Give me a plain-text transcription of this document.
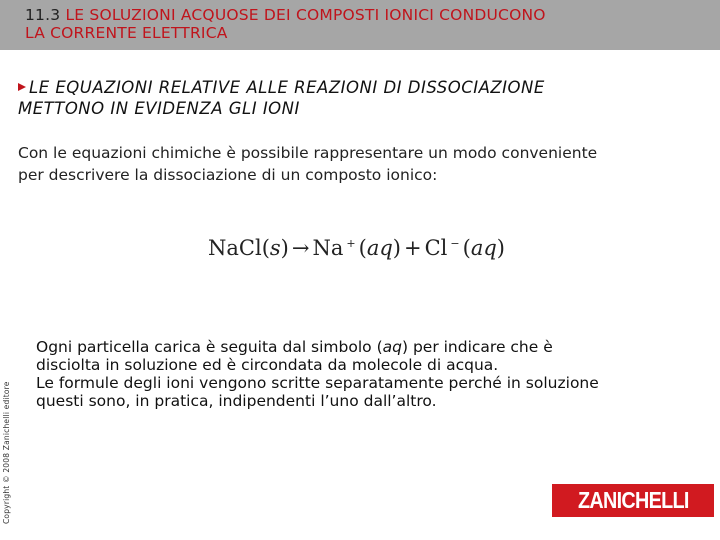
11.3 LE SOLUZIONI ACQUOSE DEI COMPOSTI IONICI CONDUCONO
LA CORRENTE ELETTRICA
LE EQUAZIONI RELATIVE ALLE REAZIONI DI DISSOCIAZIONE
METTONO IN EVIDENZA GLI IONI
Con le equazioni chimiche è possibile rappresentare un modo conveniente
per descrivere la dissociazione di un composto ionico:
NaCl(s) → Na + (aq) + Cl − (aq)

Ogni particella carica è seguita dal simbolo (aq) per indicare che è

disciolta in soluzione ed è circondata da molecole di acqua.

Le formule degli ioni vengono scritte separatamente perché in soluzione

questi sono, in pratica, indipendenti l’uno dall’altro.

Copyright © 2008 Zanichelli editore	ZANICHELLI
